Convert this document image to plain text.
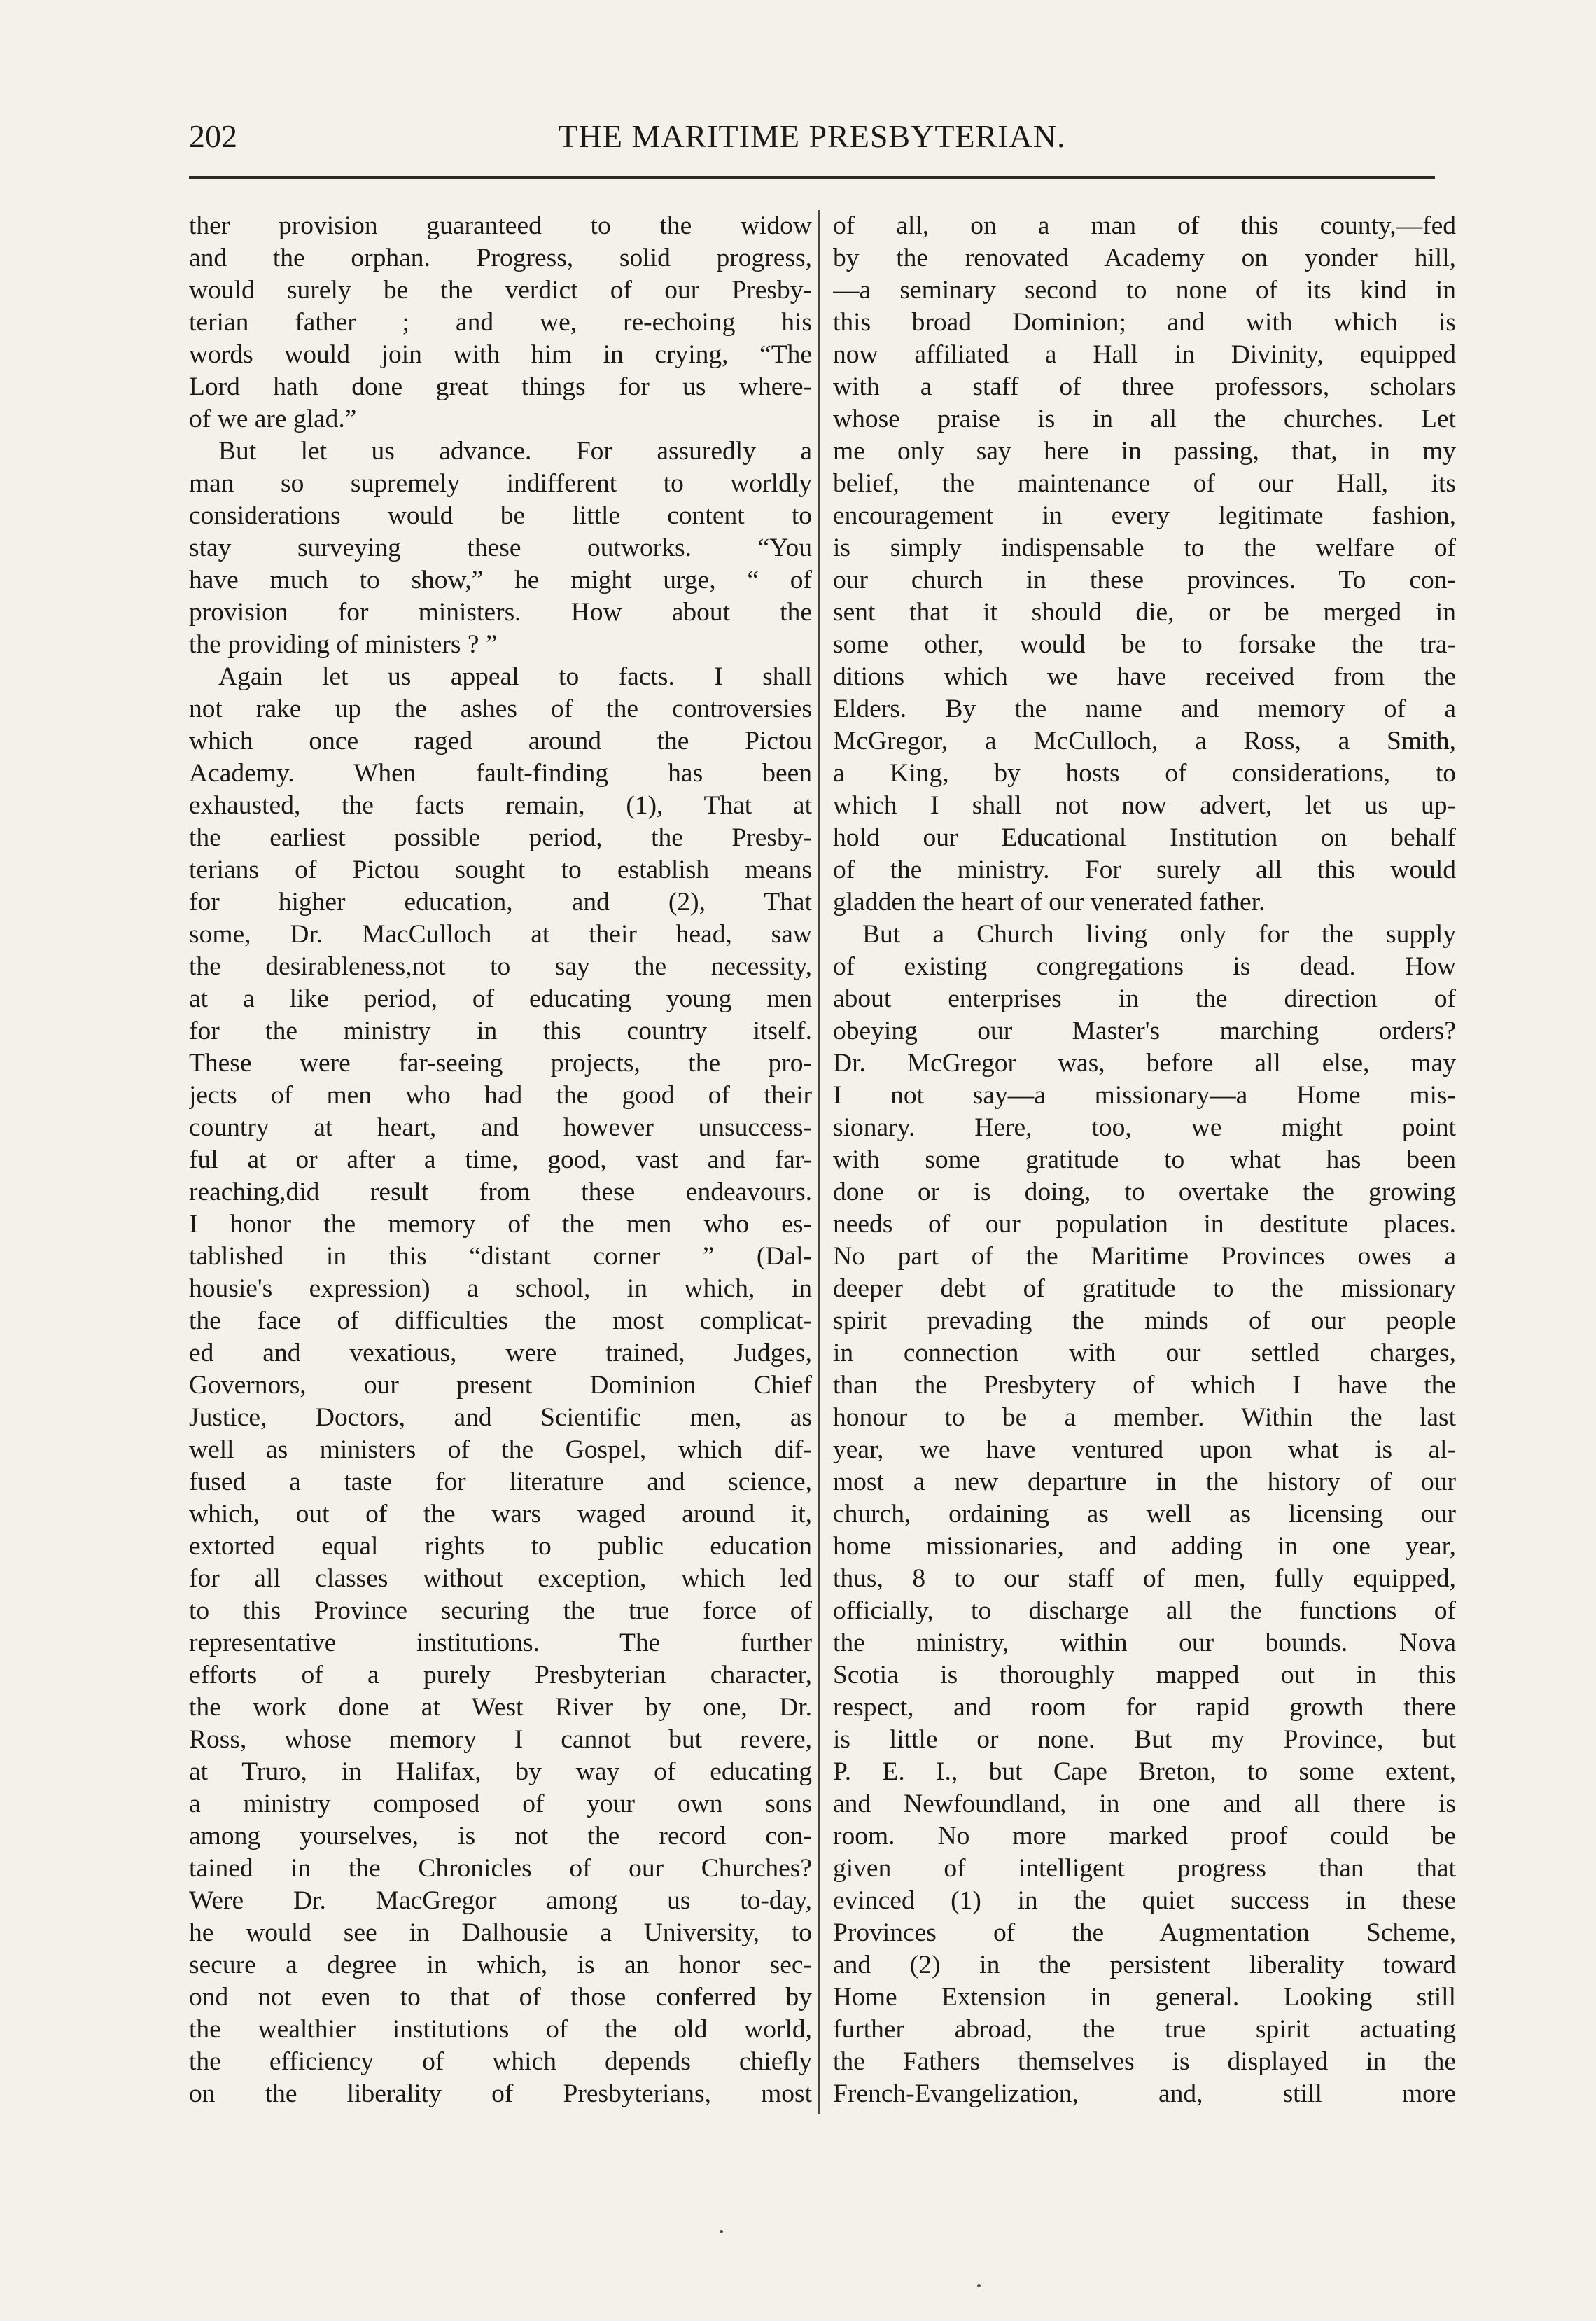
202	THE MARITIME PRESBYTERIAN.
ther provision guaranteed to the widow
and the orphan. Progress, solid progress,
would surely be the verdict of our Presby-
terian father ; and we, re-echoing his
words would join with him in crying, “The
Lord hath done great things for us where-
of we are glad.”
But let us advance. For assuredly a
man so supremely indifferent to worldly
considerations would be little content to
stay surveying these outworks. “You
have much to show,” he might urge, “ of
provision for ministers. How about the
the providing of ministers ? ”
Again let us appeal to facts. I shall
not rake up the ashes of the controversies
which once raged around the Pictou
Academy. When fault-finding has been
exhausted, the facts remain, (1), That at
the earliest possible period, the Presby-
terians of Pictou sought to establish means
for higher education, and (2), That
some, Dr. MacCulloch at their head, saw
the desirableness,not to say the necessity,
at a like period, of educating young men
for the ministry in this country itself.
These were far-seeing projects, the pro-
jects of men who had the good of their
country at heart, and however unsuccess-
ful at or after a time, good, vast and far-
reaching,did result from these endeavours.
I honor the memory of the men who es-
tablished in this “distant corner ” (Dal-
housie's expression) a school, in which, in
the face of difficulties the most complicat-
ed and vexatious, were trained, Judges,
Governors, our present Dominion Chief
Justice, Doctors, and Scientific men, as
well as ministers of the Gospel, which dif-
fused a taste for literature and science,
which, out of the wars waged around it,
extorted equal rights to public education
for all classes without exception, which led
to this Province securing the true force of
representative institutions. The further
efforts of a purely Presbyterian character,
the work done at West River by one, Dr.
Ross, whose memory I cannot but revere,
at Truro, in Halifax, by way of educating
a ministry composed of your own sons
among yourselves, is not the record con-
tained in the Chronicles of our Churches?
Were Dr. MacGregor among us to-day,
he would see in Dalhousie a University, to
secure a degree in which, is an honor sec-
ond not even to that of those conferred by
the wealthier institutions of the old world,
the efficiency of which depends chiefly
on the liberality of Presbyterians, most
of all, on a man of this county,—fed
by the renovated Academy on yonder hill,
—a seminary second to none of its kind in
this broad Dominion; and with which is
now affiliated a Hall in Divinity, equipped
with a staff of three professors, scholars
whose praise is in all the churches. Let
me only say here in passing, that, in my
belief, the maintenance of our Hall, its
encouragement in every legitimate fashion,
is simply indispensable to the welfare of
our church in these provinces. To con-
sent that it should die, or be merged in
some other, would be to forsake the tra-
ditions which we have received from the
Elders. By the name and memory of a
McGregor, a McCulloch, a Ross, a Smith,
a King, by hosts of considerations, to
which I shall not now advert, let us up-
hold our Educational Institution on behalf
of the ministry. For surely all this would
gladden the heart of our venerated father.
But a Church living only for the supply
of existing congregations is dead. How
about enterprises in the direction of
obeying our Master's marching orders?
Dr. McGregor was, before all else, may
I not say—a missionary—a Home mis-
sionary. Here, too, we might point
with some gratitude to what has been
done or is doing, to overtake the growing
needs of our population in destitute places.
No part of the Maritime Provinces owes a
deeper debt of gratitude to the missionary
spirit prevading the minds of our people
in connection with our settled charges,
than the Presbytery of which I have the
honour to be a member. Within the last
year, we have ventured upon what is al-
most a new departure in the history of our
church, ordaining as well as licensing our
home missionaries, and adding in one year,
thus, 8 to our staff of men, fully equipped,
officially, to discharge all the functions of
the ministry, within our bounds. Nova
Scotia is thoroughly mapped out in this
respect, and room for rapid growth there
is little or none. But my Province, but
P. E. I., but Cape Breton, to some extent,
and Newfoundland, in one and all there is
room. No more marked proof could be
given of intelligent progress than that
evinced (1) in the quiet success in these
Provinces of the Augmentation Scheme,
and (2) in the persistent liberality toward
Home Extension in general. Looking still
further abroad, the true spirit actuating
the Fathers themselves is displayed in the
French-Evangelization, and, still more
